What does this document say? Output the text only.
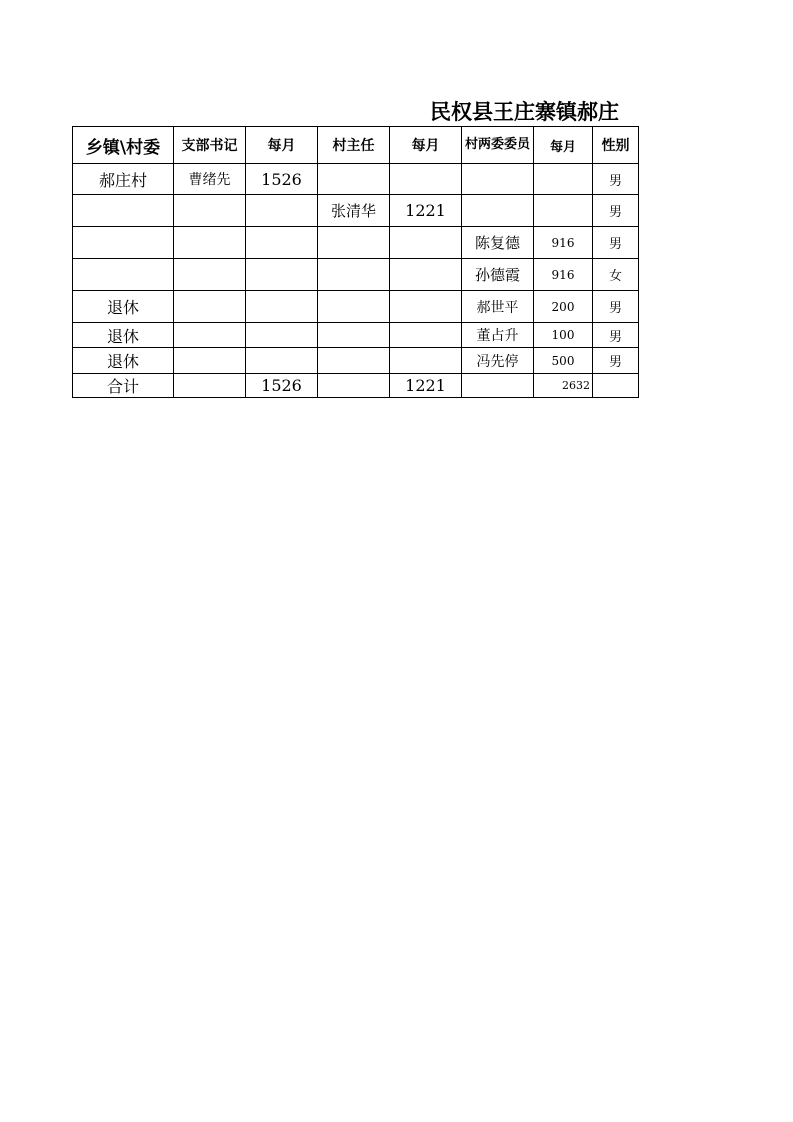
民权县王庄寨镇郝庄
乡镇\村委	支部书记	每月	村主任	每月	村两委委员	每月	性别
郝庄村	曹绪先	1526					男
			张清华	1221			男
					陈复德	916	男
					孙德霞	916	女
退休					郝世平	200	男
退休					董占升	100	男
退休					冯先停	500	男
合计		1526		1221		2632	
